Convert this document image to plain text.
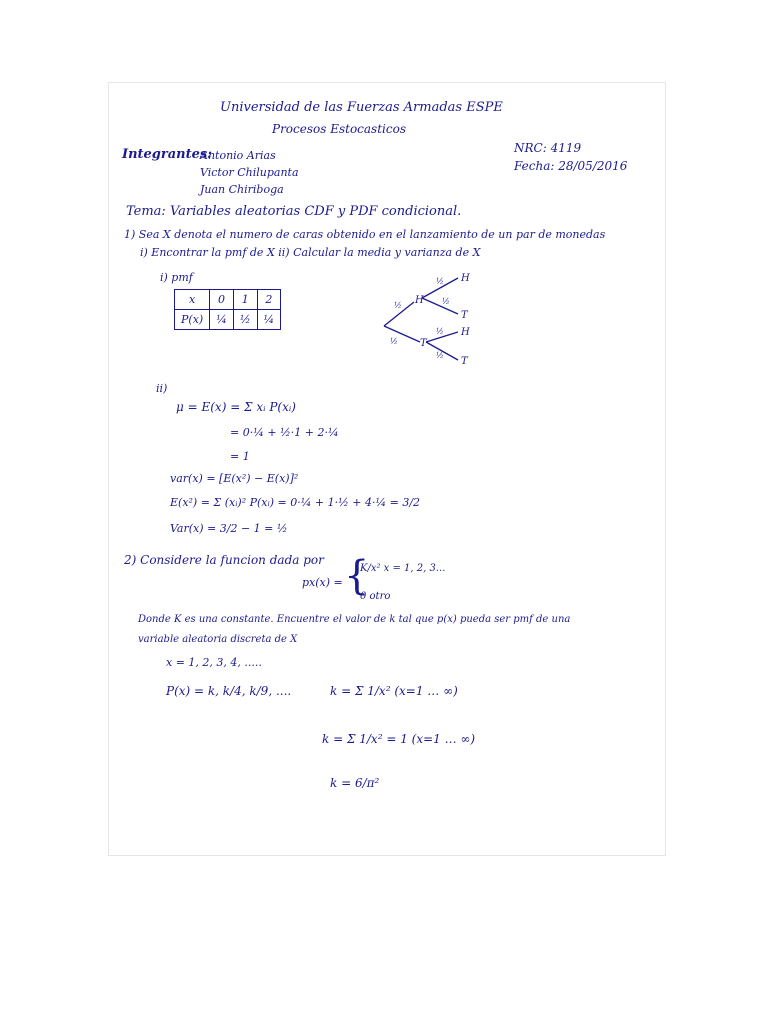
Universidad de las Fuerzas Armadas ESPE
Procesos Estocasticos
Integrantes:
Antonio Arias
Victor Chilupanta
Juan Chiriboga
NRC: 4119
Fecha: 28/05/2016
Tema: Variables aleatorias CDF y PDF condicional.
1) Sea X denota el numero de caras obtenido en el lanzamiento de un par de monedas
i) Encontrar la pmf de X ii) Calcular la media y varianza de X
i) pmf
x	0	1	2
P(x)	¼	½	¼
H
T
H
T
H
T
½
½
½
½
½
½
ii)
μ = E(x) = Σ xᵢ P(xᵢ)
= 0·¼ + ½·1 + 2·¼
= 1
var(x) = [E(x²) − E(x)]²
E(x²) = Σ (xᵢ)² P(xᵢ) = 0·¼ + 1·½ + 4·¼ = 3/2
Var(x) = 3/2 − 1 = ½
2) Considere la funcion dada por
px(x) = {
K/x² x = 1, 2, 3...
0 otro
Donde K es una constante. Encuentre el valor de k tal que p(x) pueda ser pmf de una
variable aleatoria discreta de X
x = 1, 2, 3, 4, .....
P(x) = k, k/4, k/9, ....	k = Σ 1/x² (x=1 … ∞)
k = Σ 1/x² = 1 (x=1 … ∞)
k = 6/π²
